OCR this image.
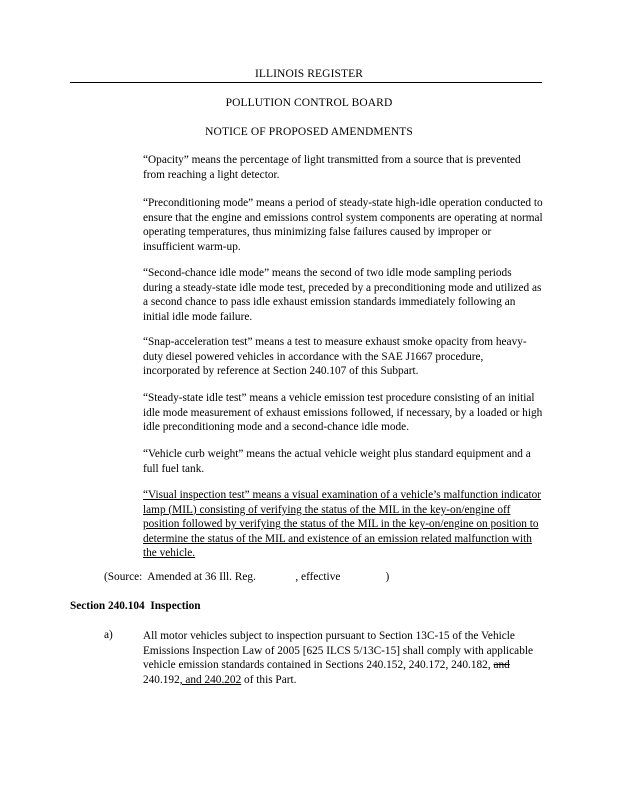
ILLINOIS REGISTER
POLLUTION CONTROL BOARD
NOTICE OF PROPOSED AMENDMENTS
“Opacity” means the percentage of light transmitted from a source that is prevented from reaching a light detector.
“Preconditioning mode” means a period of steady-state high-idle operation conducted to ensure that the engine and emissions control system components are operating at normal operating temperatures, thus minimizing false failures caused by improper or insufficient warm-up.
“Second-chance idle mode” means the second of two idle mode sampling periods during a steady-state idle mode test, preceded by a preconditioning mode and utilized as a second chance to pass idle exhaust emission standards immediately following an initial idle mode failure.
“Snap-acceleration test” means a test to measure exhaust smoke opacity from heavy-duty diesel powered vehicles in accordance with the SAE J1667 procedure, incorporated by reference at Section 240.107 of this Subpart.
“Steady-state idle test” means a vehicle emission test procedure consisting of an initial idle mode measurement of exhaust emissions followed, if necessary, by a loaded or high idle preconditioning mode and a second-chance idle mode.
“Vehicle curb weight” means the actual vehicle weight plus standard equipment and a full fuel tank.
“Visual inspection test” means a visual examination of a vehicle’s malfunction indicator lamp (MIL) consisting of verifying the status of the MIL in the key-on/engine off position followed by verifying the status of the MIL in the key-on/engine on position to determine the status of the MIL and existence of an emission related malfunction with the vehicle.
(Source:  Amended at 36 Ill. Reg.	, effective	)
Section 240.104  Inspection
a)	All motor vehicles subject to inspection pursuant to Section 13C-15 of the Vehicle Emissions Inspection Law of 2005 [625 ILCS 5/13C-15] shall comply with applicable vehicle emission standards contained in Sections 240.152, 240.172, 240.182, and 240.192, and 240.202 of this Part.
